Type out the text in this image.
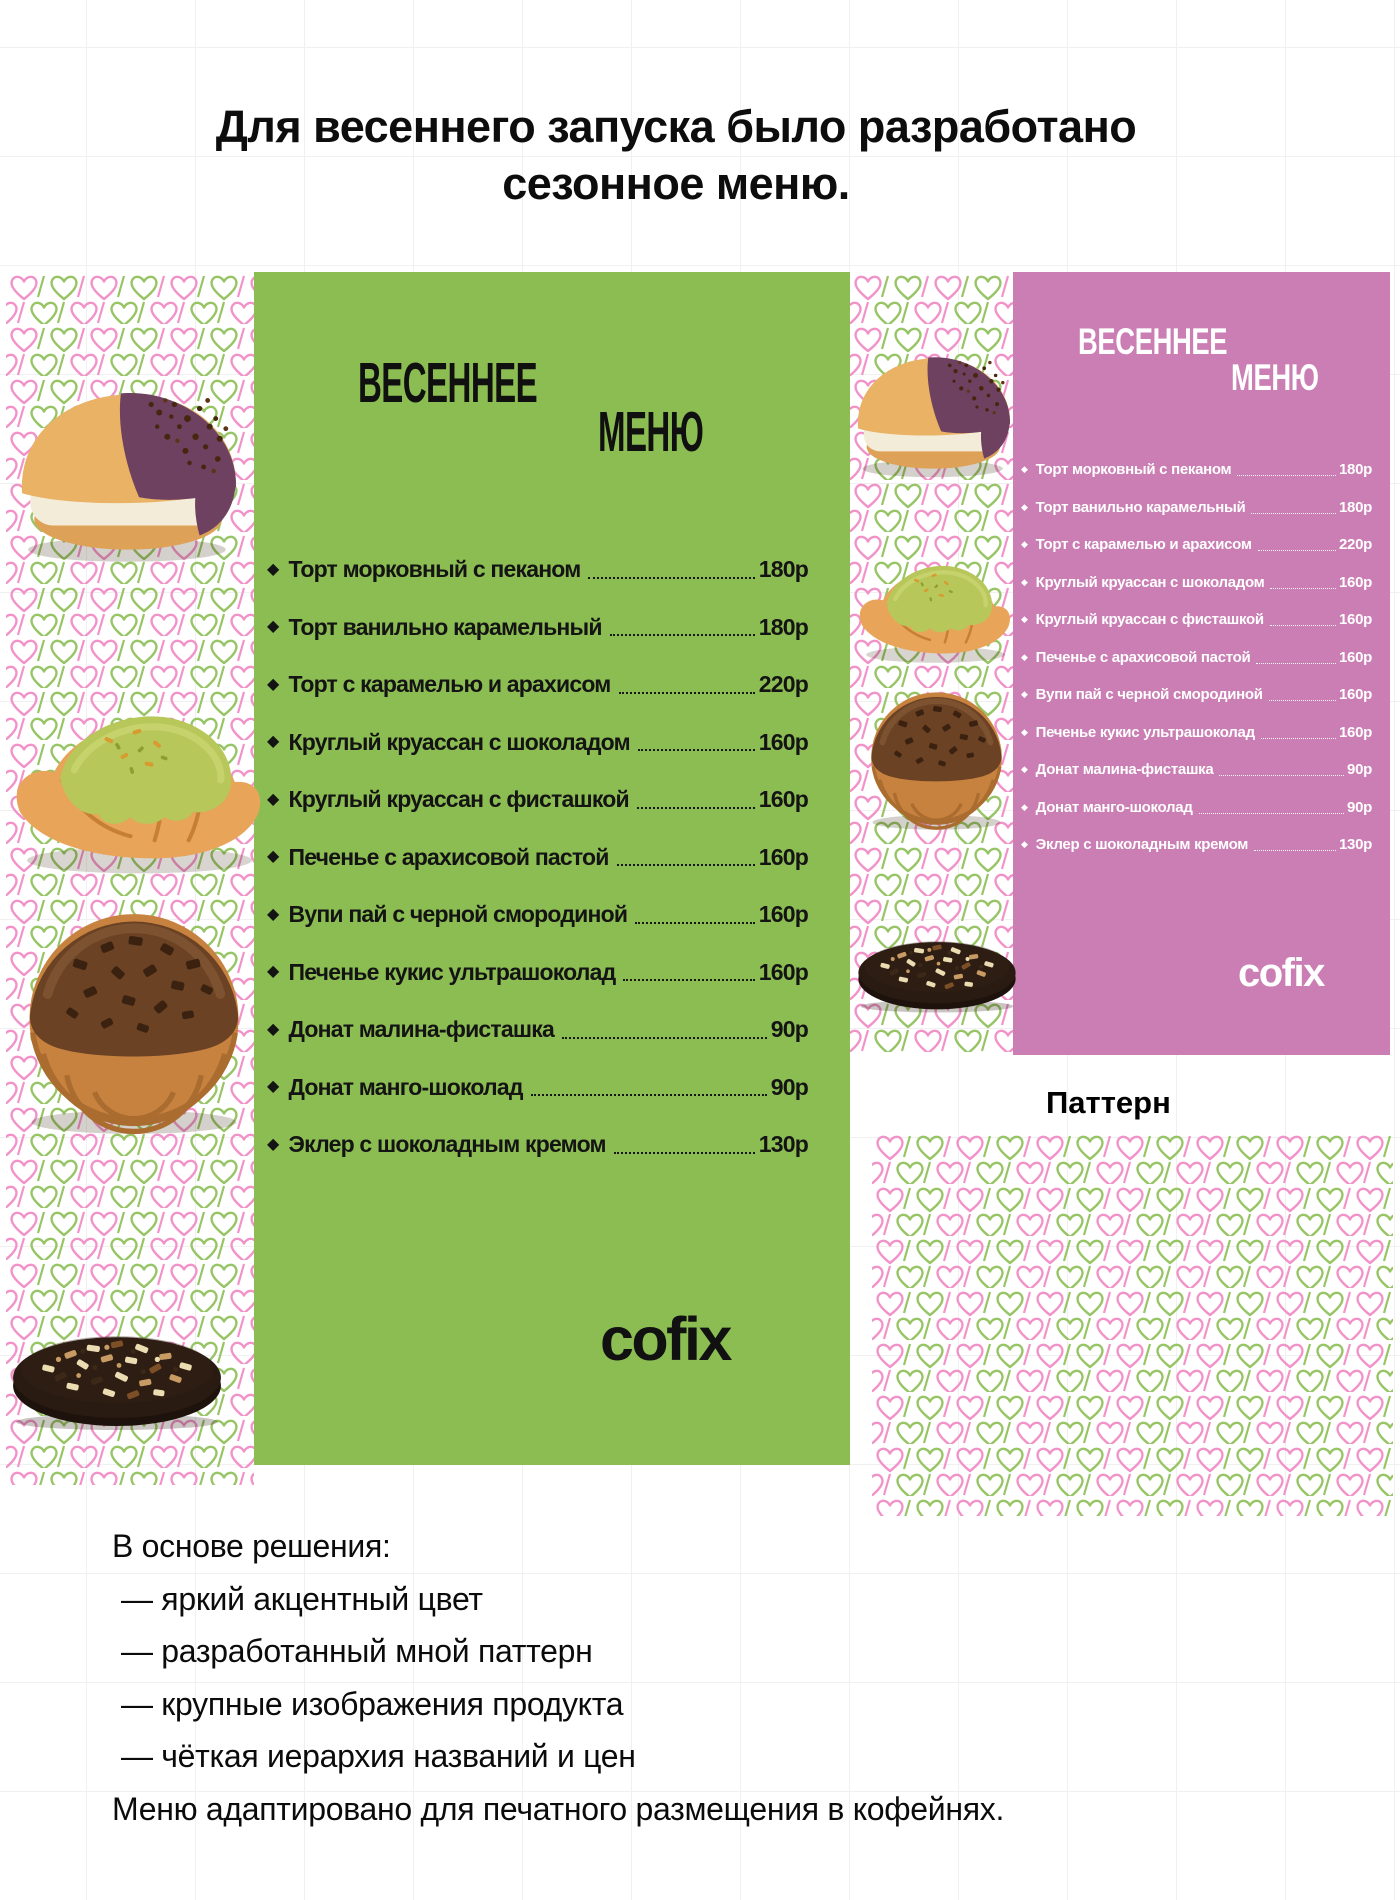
Для весеннего запуска было разработано
сезонное меню.
ВЕСЕННЕЕ
МЕНЮ
ВЕСЕННЕЕ
МЕНЮ
◆ Торт морковный с пеканом	180р
◆ Торт ванильно карамельный	180р
◆ Торт с карамелью и арахисом	220р
◆ Круглый круассан с шоколадом	160р
◆ Круглый круассан с фисташкой	160р
◆ Печенье с арахисовой пастой	160р
◆ Вупи пай с черной смородиной	160р
◆ Печенье кукис ультрашоколад	160р
◆ Донат малина-фисташка	90р
◆ Донат манго-шоколад	90р
◆ Эклер с шоколадным кремом	130р
◆ Торт морковный с пеканом	180р
◆ Торт ванильно карамельный	180р
◆ Торт с карамелью и арахисом	220р
◆ Круглый круассан с шоколадом	160р
◆ Круглый круассан с фисташкой	160р
◆ Печенье с арахисовой пастой	160р
◆ Вупи пай с черной смородиной	160р
◆ Печенье кукис ультрашоколад	160р
◆ Донат малина-фисташка	90р
◆ Донат манго-шоколад	90р
◆ Эклер с шоколадным кремом	130р
cofix
cofix
Паттерн
В основе решения:
— яркий акцентный цвет
— разработанный мной паттерн
— крупные изображения продукта
— чёткая иерархия названий и цен
Меню адаптировано для печатного размещения в кофейнях.
